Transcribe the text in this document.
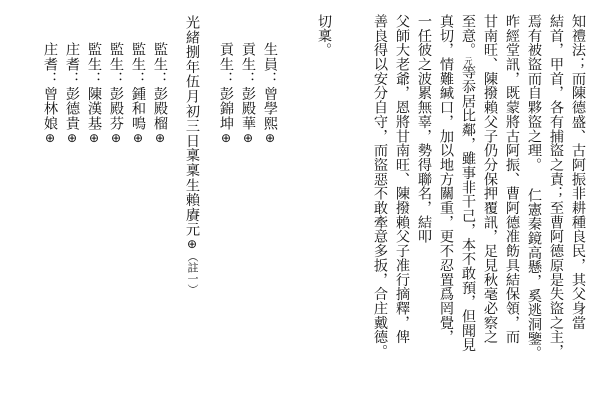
知禮法；而陳德盛、古阿振非耕種良民，其父身當
結首，甲首，各有捕盜之責；至曹阿德原是失盜之主，
焉有被盜而自夥盜之理。仁憲秦鏡高懸，奚逃洞鑒。
昨經堂訊，既蒙將古阿振、曹阿德准飭具結保領，而
甘南旺、陳撥賴父子仍分保押覆訊，足見秋毫必察之
至意。元等忝居比鄰，雖事非干己，本不敢預，但聞見
真切，情難緘口，加以地方關重，更不忍置爲罔覺，
一任彼之波累無辜，勢得聯名，結叩
父師大老爺，恩將甘南旺、陳撥賴父子准行摘釋，俾
善良得以安分自守，而盜惡不敢牽意多扳，合庄戴德。
切稟。
光緒捌年伍月初三日稟稟生賴賡元⊕︵註一︶
生員：曾學熙⊕
貢生：彭殿華⊕
貢生：彭錦坤⊕
監生：彭殿榴⊕
監生：鍾和鳴⊕
監生：彭殿芬⊕
監生：陳漢基⊕
庄耆：彭德貴⊕
庄耆：曾林娘⊕
